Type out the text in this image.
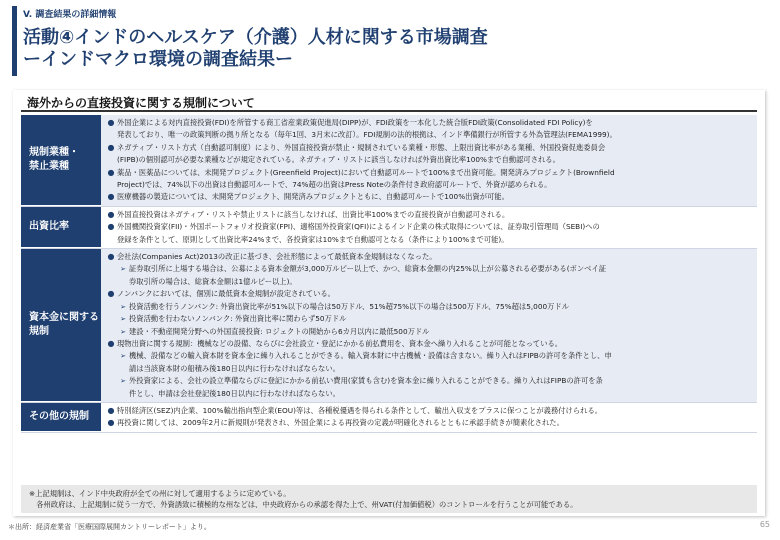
V. 調査結果の詳細情報
活動④インドのヘルスケア（介護）人材に関する市場調査
ーインドマクロ環境の調査結果ー
海外からの直接投資に関する規制について
規制業種・
禁止業種
● 外国企業による対内直接投資(FDI)を所管する商工省産業政策促進局(DIPP)が、FDI政策を一本化した統合版FDI政策(Consolidated FDI Policy)を
発表しており、唯一の政策判断の拠り所となる（毎年1回、3月末に改訂）。FDI規制の法的根拠は、インド準備銀行が所管する外為管理法(FEMA1999)。
● ネガティブ・リスト方式（自動認可制度）により、外国直接投資が禁止・規制されている業種・形態、上限出資比率がある業種、外国投資促進委員会
(FIPB)の個別認可が必要な業種などが規定されている。ネガティブ・リストに該当しなければ外資出資比率100%まで自動認可される。
● 薬品・医薬品については、未開発プロジェクト(Greenfield Project)において自動認可ルートで100%まで出資可能。開発済みプロジェクト(Brownfield
Project)では、74%以下の出資は自動認可ルートで、74%超の出資はPress Noteの条件付き政府認可ルートで、外資が認められる。
● 医療機器の製造については、未開発プロジェクト、開発済みプロジェクトともに、自動認可ルートで100%出資が可能。
出資比率
● 外国直接投資はネガティブ・リストや禁止リストに該当しなければ、出資比率100%までの直接投資が自動認可される。
● 外国機関投資家(FII)・外国ポートフォリオ投資家(FPI)、適格国外投資家(QFI)によるインド企業の株式取得については、証券取引管理局（SEBI)への
登録を条件として、原則として出資比率24%まで、各投資家は10%まで自動認可となる（条件により100%まで可能)。
資本金に関する
規制
● 会社法(Companies Act)2013の改正に基づき、会社形態によって最低資本金規制はなくなった。
➢ 証券取引所に上場する場合は、公募による資本金額が3,000万ルピー以上で、かつ、総資本金額の内25%以上が公募される必要がある(ボンベイ証
券取引所の場合は、総資本金額は1億ルピー以上)。
● ノンバンクにおいては、個別に最低資本金規制が設定されている。
➢ 投資活動を行うノンバンク: 外資出資比率が51%以下の場合は50万ドル、51%超75%以下の場合は500万ドル、75%超は5,000万ドル
➢ 投資活動を行わないノンバンク: 外資出資比率に関わらず50万ドル
➢ 建設・不動産開発分野への外国直接投資: ロジェクトの開始から6カ月以内に最低500万ドル
● 現物出資に関する規制：機械などの設備、ならびに会社設立・登記にかかる前払費用を、資本金へ繰り入れることが可能となっている。
➢ 機械、設備などの輸入資本財を資本金に繰り入れることができる。輸入資本財に中古機械・設備は含まない。繰り入れはFIPBの許可を条件とし、申
請は当該資本財の船積み後180日以内に行わなければならない。
➢ 外投資家による、会社の設立準備ならびに登記にかかる前払い費用(家賃も含む)を資本金に繰り入れることができる。繰り入れはFIPBの許可を条
件とし、申請は会社登記後180日以内に行わなければならない。
その他の規制
● 特別経済区(SEZ)内企業、100%輸出指向型企業(EOU)等は、各種税優遇を得られる条件として、輸出入収支をプラスに保つことが義務付けられる。
● 再投資に関しては、2009年2月に新規則が発表され、外国企業による再投資の定義が明確化されるとともに承認手続きが簡素化された。
※上記規制は、インド中央政府が全ての州に対して適用するように定めている。
　各州政府は、上記規制に従う一方で、外資誘致に積極的な州などは、中央政府からの承認を得た上で、州VAT(付加価値税）のコントロールを行うことが可能である。
＊出所：経済産業省「医療国際展開カントリーレポート」より。	65
